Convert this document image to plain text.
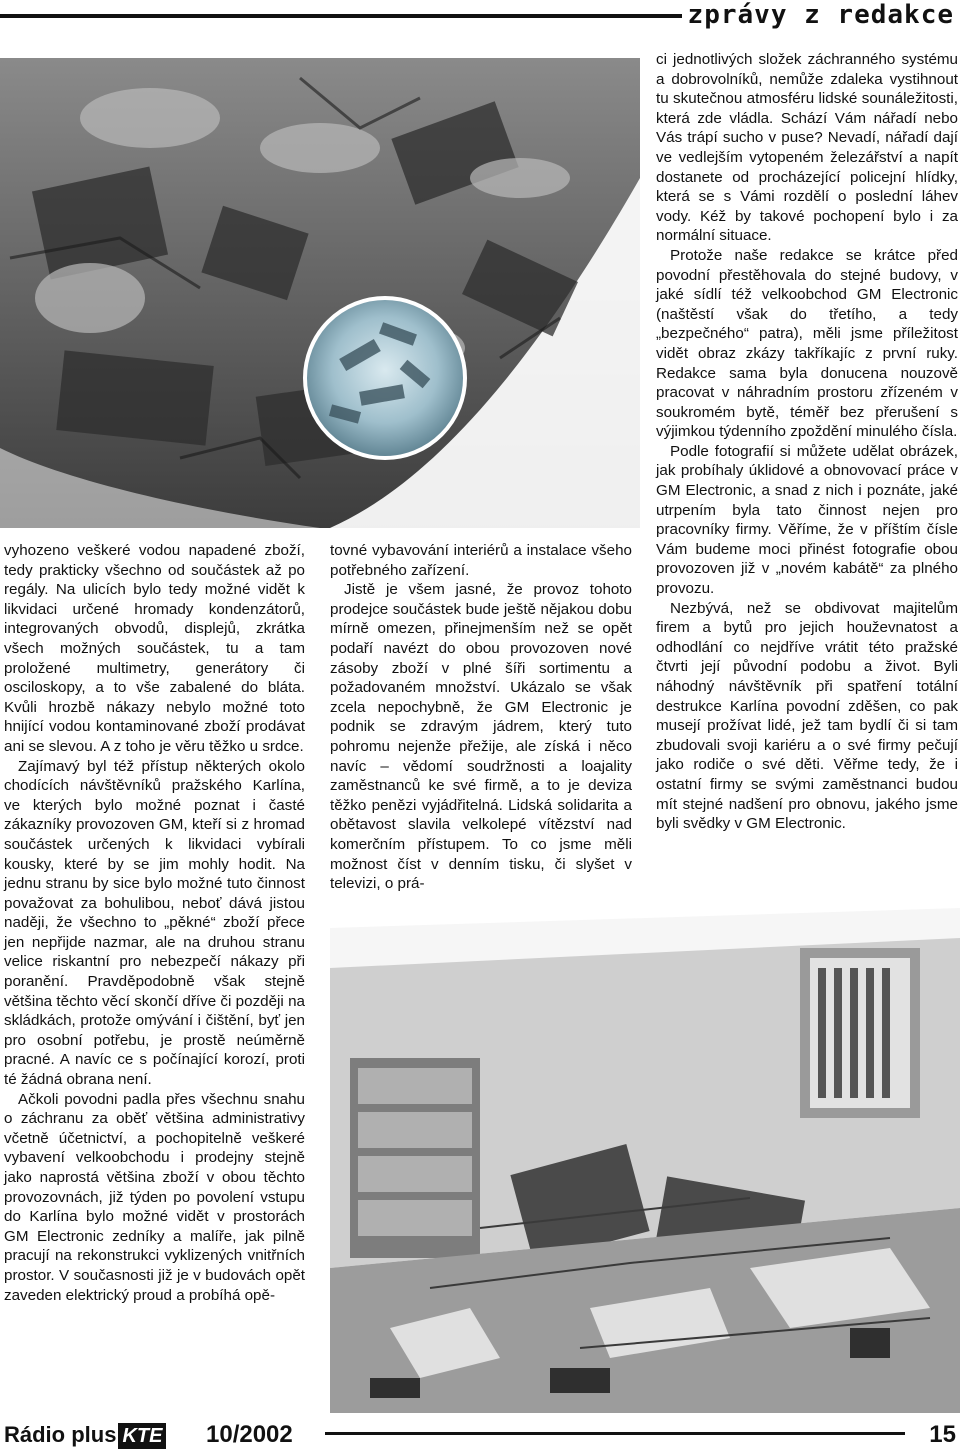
zprávy z redakce

vyhozeno veškeré vodou napadené zboží, tedy prakticky všechno od součástek až po regály. Na ulicích bylo tedy možné vidět k likvidaci určené hromady kondenzátorů, integrovaných obvodů, displejů, zkrátka všech možných součástek, tu a tam proložené multimetry, generátory či osciloskopy, a to vše zabalené do bláta. Kvůli hrozbě nákazy nebylo možné toto hnijící vodou kontaminované zboží prodávat ani se slevou. A z toho je věru těžko u srdce.

Zajímavý byl též přístup některých okolo chodících návštěvníků pražského Karlína, ve kterých bylo možné poznat i časté zákazníky provozoven GM, kteří si z hromad součástek určených k likvidaci vybírali kousky, které by se jim mohly hodit. Na jednu stranu by sice bylo možné tuto činnost považovat za bohulibou, neboť dává jistou naději, že všechno to „pěkné“ zboží přece jen nepřijde nazmar, ale na druhou stranu velice riskantní pro nebezpečí nákazy při poranění. Pravděpodobně však stejně většina těchto věcí skončí dříve či později na skládkách, protože omývání i čištění, byť jen pro osobní potřebu, je prostě neúměrně pracné. A navíc ce s počínající korozí, proti té žádná obrana není.

Ačkoli povodni padla přes všechnu snahu o záchranu za oběť většina administrativy včetně účetnictví, a pochopitelně veškeré vybavení velkoobchodu i prodejny stejně jako naprostá většina zboží v obou těchto provozovnách, již týden po povolení vstupu do Karlína bylo možné vidět v prostorách GM Electronic zedníky a malíře, jak pilně pracují na rekonstrukci vyklizených vnitřních prostor. V současnosti již je v budovách opět zaveden elektrický proud a probíhá opě-

tovné vybavování interiérů a instalace všeho potřebného zařízení.

Jistě je všem jasné, že provoz tohoto prodejce součástek bude ještě nějakou dobu mírně omezen, přinejmenším než se opět podaří navézt do obou provozoven nové zásoby zboží v plné šíři sortimentu a požadovaném množství. Ukázalo se však zcela nepochybně, že GM Electronic je podnik se zdravým jádrem, který tuto pohromu nejenže přežije, ale získá i něco navíc – vědomí soudržnosti a loajality zaměstnanců ke své firmě, a to je deviza těžko penězi vyjádřitelná. Lidská solidarita a obětavost slavila velkolepé vítězství nad komerčním přístupem. To co jsme měli možnost číst v denním tisku, či slyšet v televizi, o prá-

ci jednotlivých složek záchranného systému a dobrovolníků, nemůže zdaleka vystihnout tu skutečnou atmosféru lidské sounáležitosti, která zde vládla. Schází Vám nářadí nebo Vás trápí sucho v puse? Nevadí, nářadí dají ve vedlejším vytopeném železářství a napít dostanete od procházející policejní hlídky, která se s Vámi rozdělí o poslední láhev vody. Kéž by takové pochopení bylo i za normální situace.

Protože naše redakce se krátce před povodní přestěhovala do stejné budovy, v jaké sídlí též velkoobchod GM Electronic (naštěstí však do třetího, a tedy „bezpečného“ patra), měli jsme příležitost vidět obraz zkázy takříkajíc z první ruky. Redakce sama byla donucena nouzově pracovat v náhradním prostoru zřízeném v soukromém bytě, téměř bez přerušení s výjimkou týdenního zpoždění minulého čísla.

Podle fotografií si můžete udělat obrázek, jak probíhaly úklidové a obnovovací práce v GM Electronic, a snad z nich i poznáte, jaké utrpením byla tato činnost nejen pro pracovníky firmy. Věříme, že v příštím čísle Vám budeme moci přinést fotografie obou provozoven již v „novém kabátě“ za plného provozu.

Nezbývá, než se obdivovat majitelům firem a bytů pro jejich houževnatost a odhodlání co nejdříve vrátit této pražské čtvrti její původní podobu a život. Byli náhodný návštěvník při spatření totální destrukce Karlína povodní zděšen, co pak musejí prožívat lidé, jež tam bydlí či si tam zbudovali svoji kariéru a o své firmy pečují jako rodiče o své děti. Věřme tedy, že i ostatní firmy se svými zaměstnanci budou mít stejné nadšení pro obnovu, jakého jsme byli svědky v GM Electronic.

Rádio plus KTE	10/2002	15
